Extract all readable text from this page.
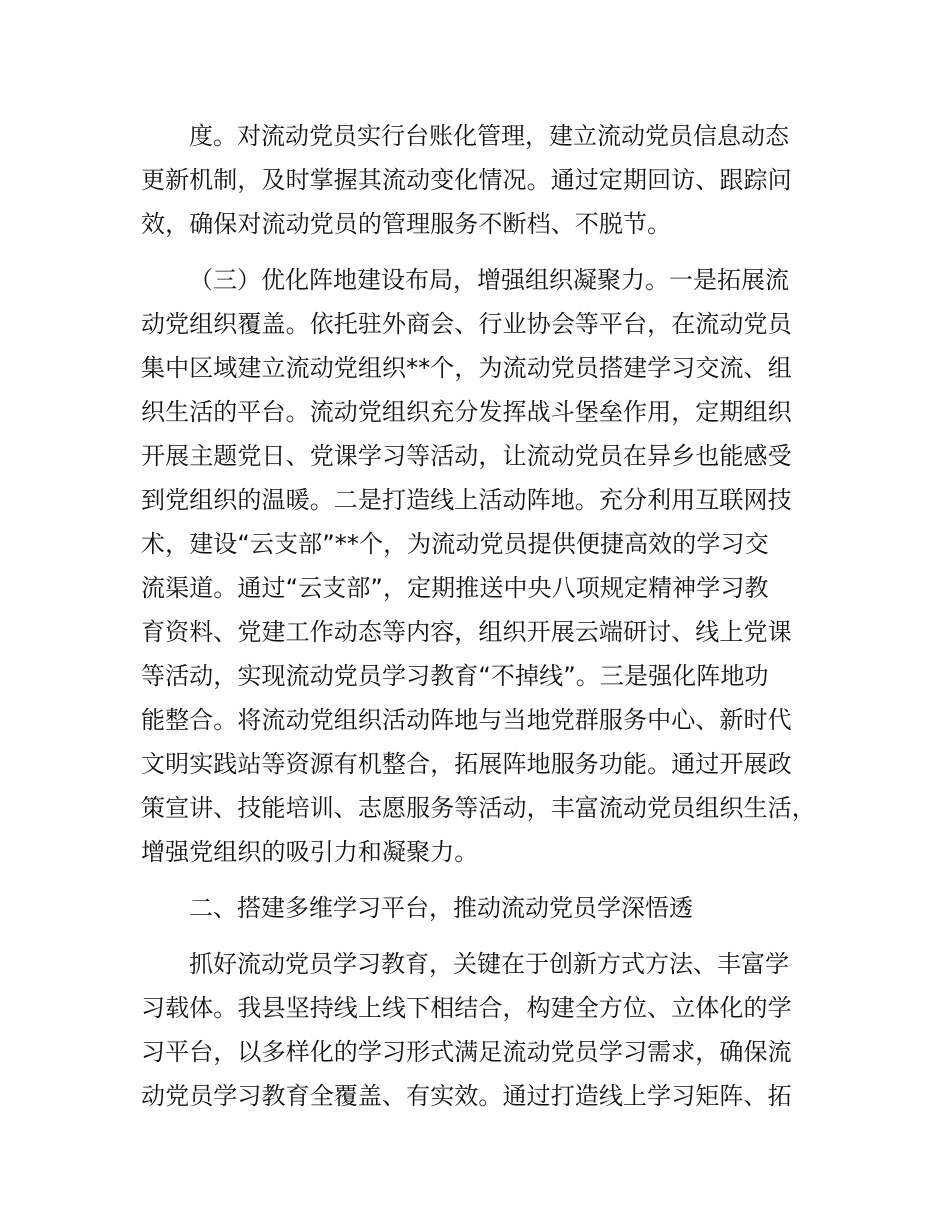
度。对流动党员实行台账化管理，建立流动党员信息动态
更新机制，及时掌握其流动变化情况。通过定期回访、跟踪问
效，确保对流动党员的管理服务不断档、不脱节。
（三）优化阵地建设布局，增强组织凝聚力。一是拓展流
动党组织覆盖。依托驻外商会、行业协会等平台，在流动党员
集中区域建立流动党组织**个，为流动党员搭建学习交流、组
织生活的平台。流动党组织充分发挥战斗堡垒作用，定期组织
开展主题党日、党课学习等活动，让流动党员在异乡也能感受
到党组织的温暖。二是打造线上活动阵地。充分利用互联网技
术，建设“云支部”**个，为流动党员提供便捷高效的学习交
流渠道。通过“云支部”，定期推送中央八项规定精神学习教
育资料、党建工作动态等内容，组织开展云端研讨、线上党课
等活动，实现流动党员学习教育“不掉线”。三是强化阵地功
能整合。将流动党组织活动阵地与当地党群服务中心、新时代
文明实践站等资源有机整合，拓展阵地服务功能。通过开展政
策宣讲、技能培训、志愿服务等活动，丰富流动党员组织生活，
增强党组织的吸引力和凝聚力。
二、搭建多维学习平台，推动流动党员学深悟透
抓好流动党员学习教育，关键在于创新方式方法、丰富学
习载体。我县坚持线上线下相结合，构建全方位、立体化的学
习平台，以多样化的学习形式满足流动党员学习需求，确保流
动党员学习教育全覆盖、有实效。通过打造线上学习矩阵、拓
